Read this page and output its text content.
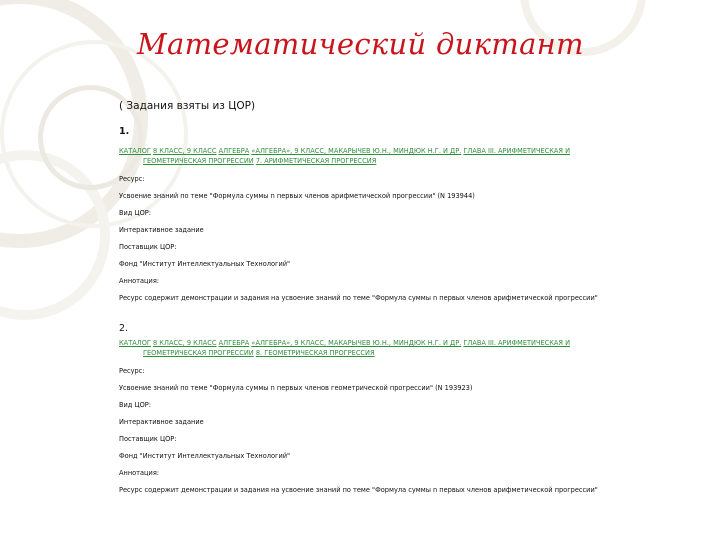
Математический диктант

( Задания взяты из ЦОР)

1.

КАТАЛОГ 8 КЛАСС, 9 КЛАСС АЛГЕБРА «АЛГЕБРА», 9 КЛАСС, МАКАРЫЧЕВ Ю.Н., МИНДЮК Н.Г. И ДР. ГЛАВА III. АРИФМЕТИЧЕСКАЯ И ГЕОМЕТРИЧЕСКАЯ ПРОГРЕССИИ 7. АРИФМЕТИЧЕСКАЯ ПРОГРЕССИЯ

Ресурс:

Усвоение знаний по теме "Формула суммы n первых членов арифметической прогрессии" (N 193944)

Вид ЦОР:

Интерактивное задание

Поставщик ЦОР:

Фонд "Институт Интеллектуальных Технологий"

Аннотация:

Ресурс содержит демонстрации и задания на усвоение знаний по теме "Формула суммы n первых членов арифметической прогрессии"

2.

КАТАЛОГ 8 КЛАСС, 9 КЛАСС АЛГЕБРА «АЛГЕБРА», 9 КЛАСС, МАКАРЫЧЕВ Ю.Н., МИНДЮК Н.Г. И ДР. ГЛАВА III. АРИФМЕТИЧЕСКАЯ И ГЕОМЕТРИЧЕСКАЯ ПРОГРЕССИИ 8. ГЕОМЕТРИЧЕСКАЯ ПРОГРЕССИЯ

Ресурс:

Усвоение знаний по теме "Формула суммы n первых членов геометрической прогрессии" (N 193923)

Вид ЦОР:

Интерактивное задание

Поставщик ЦОР:

Фонд "Институт Интеллектуальных Технологий"

Аннотация:

Ресурс содержит демонстрации и задания на усвоение знаний по теме "Формула суммы n первых членов арифметической прогрессии"
